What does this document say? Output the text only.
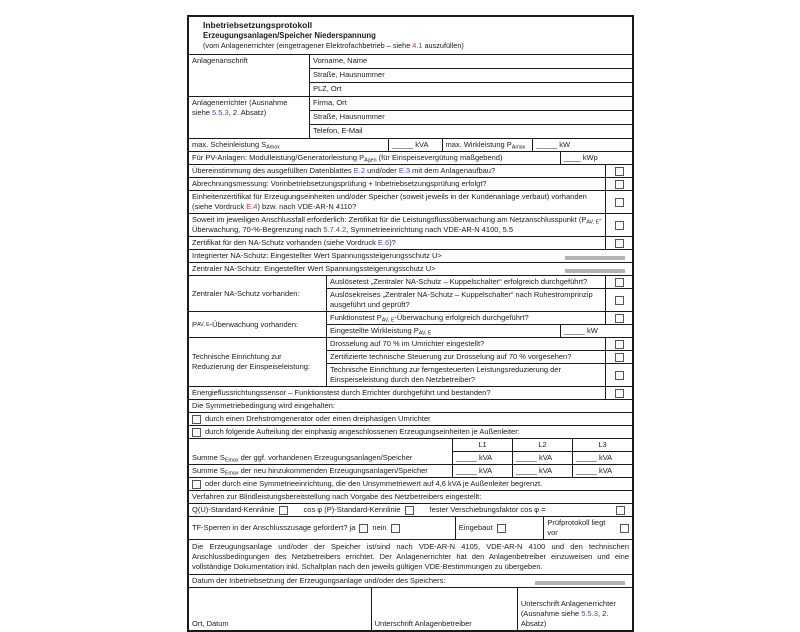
Inbetriebsetzungsprotokoll
Erzeugungsanlagen/Speicher Niederspannung
(vom Anlagenerrichter (eingetragener Elektrofachbetrieb – siehe 4.1 auszufüllen)
Anlagenanschrift	Vorname, Name
Straße, Hausnummer
PLZ, Ort
Anlagenerrichter (Ausnahme siehe 5.5.3, 2. Absatz)
Firma, Ort
Straße, Hausnummer
Telefon, E-Mail
max. Scheinleistung $S_{Amax}$	_____ kVA	max. Wirkleistung $P_{Amax}$	_____ kW
Für PV-Anlagen: Modulleistung/Generatorleistung $P_{Agen}$ (für Einspeisevergütung maßgebend)	____ kWp
Übereinstimmung des ausgefüllten Datenblattes E.2 und/oder E.3 mit dem Anlagenaufbau?
Abrechnungsmessung: Vorinbetriebsetzungsprüfung + Inbetriebsetzungsprüfung erfolgt?
Einheitenzertifikat für Erzeugungseinheiten und/oder Speicher (soweit jeweils in der Kundenanlage verbaut) vorhanden (siehe Vordruck E.4) bzw. nach VDE-AR-N 4110?
Soweit im jeweiligen Anschlussfall erforderlich: Zertifikat für die Leistungsflussüberwachung am Netzanschlusspunkt ($P_{AV, E}$-Überwachung, 70-%-Begrenzung nach 5.7.4.2, Symmetrieeinrichtung nach VDE-AR-N 4100, 5.5
Zertifikat für den NA-Schutz vorhanden (siehe Vordruck E.6)?
Integrierter NA-Schutz: Eingestellter Wert Spannungssteigerungsschutz U>
Zentraler NA-Schutz: Eingestellter Wert Spannungssteigerungsschutz U>
Zentraler NA-Schutz vorhanden:
Auslösetest „Zentraler NA-Schutz – Kuppelschalter“ erfolgreich durchgeführt?
Auslösekreises „Zentraler NA-Schutz – Kuppelschalter“ nach Ruhestromprinzip ausgeführt und geprüft?
P AV, E -Überwachung vorhanden:
Funktionstest $P_{AV, E}$-Überwachung erfolgreich durchgeführt?
Eingestellte Wirkleistung $P_{AV, E}$	_____ kW
Technische Einrichtung zur Reduzierung der Einspeiseleistung:
Drosselung auf 70 % im Umrichter eingestellt?
Zertifizierte technische Steuerung zur Drosselung auf 70 % vorgesehen?
Technische Einrichtung zur ferngesteuerten Leistungsreduzierung der Einspeiseleistung durch den Netzbetreiber?
Energieflussrichtungssensor – Funktionstest durch Errichter durchgeführt und bestanden?
Die Symmetriebedingung wird eingehalten:
durch einen Drehstromgenerator oder einen dreiphasigen Umrichter
durch folgende Aufteilung der einphasig angeschlossenen Erzeugungseinheiten je Außenleiter:
L1	L2	L3
Summe $S_{Emax}$ der ggf. vorhandenen Erzeugungsanlagen/Speicher	_____ kVA	_____ kVA	_____ kVA
Summe $S_{Emax}$ der neu hinzukommenden Erzeugungsanlagen/Speicher	_____ kVA	_____ kVA	_____ kVA
oder durch eine Symmetrieeinrichtung, die den Unsymmetriewert auf 4,6 kVA je Außenleiter begrenzt.
Verfahren zur Blindleistungsbereitstellung nach Vorgabe des Netzbetreibers eingestellt:
Q(U)-Standard-Kennlinie	cos φ (P)-Standard-Kennlinie	fester Verschiebungsfaktor cos φ =
TF-Sperren in der Anschlusszusage gefordert? ja nein	Eingebaut
Prüfprotokoll liegt vor
Die Erzeugungsanlage und/oder der Speicher ist/sind nach VDE-AR-N 4105, VDE-AR-N 4100 und den technischen Anschlussbedingungen des Netzbetreibers errichtet. Der Anlagenerrichter hat den Anlagenbetreiber einzuweisen und eine vollständige Dokumentation inkl. Schaltplan nach den jeweils gültigen VDE-Bestimmungen zu übergeben.
Datum der Inbetriebsetzung der Erzeugungsanlage und/oder des Speichers:
Ort, Datum	Unterschrift Anlagenbetreiber
Unterschrift Anlagenerrichter
(Ausnahme siehe 5.5.3, 2. Absatz)
